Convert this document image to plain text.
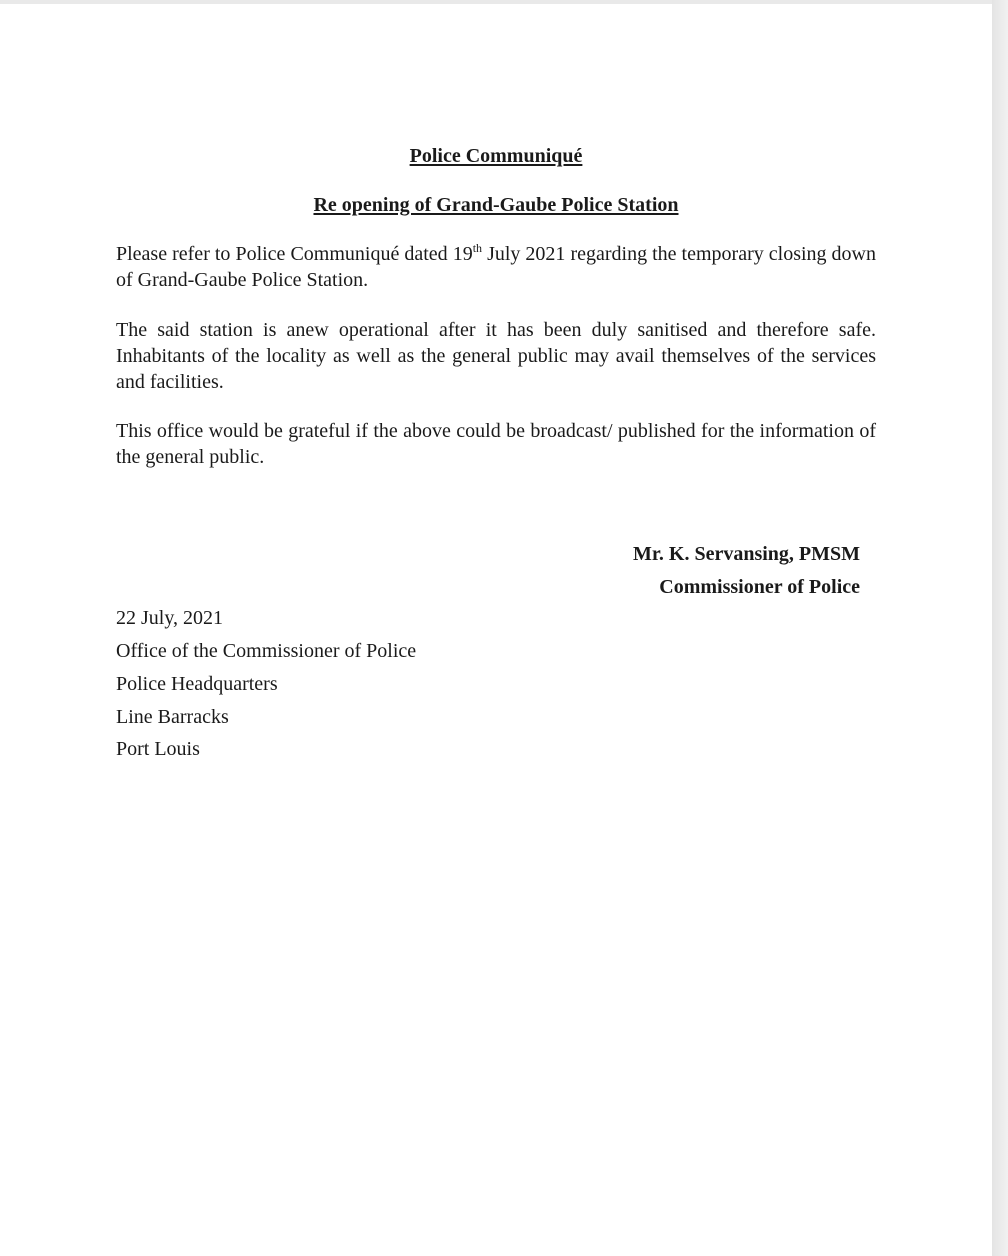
Police Communiqué
Re opening of Grand-Gaube Police Station

Please refer to Police Communiqué dated 19th July 2021 regarding the temporary closing down of Grand-Gaube Police Station.

The said station is anew operational after it has been duly sanitised and therefore safe. Inhabitants of the locality as well as the general public may avail themselves of the services and facilities.

This office would be grateful if the above could be broadcast/ published for the information of the general public.

Mr. K. Servansing, PMSM
Commissioner of Police
22 July, 2021
Office of the Commissioner of Police
Police Headquarters
Line Barracks
Port Louis
